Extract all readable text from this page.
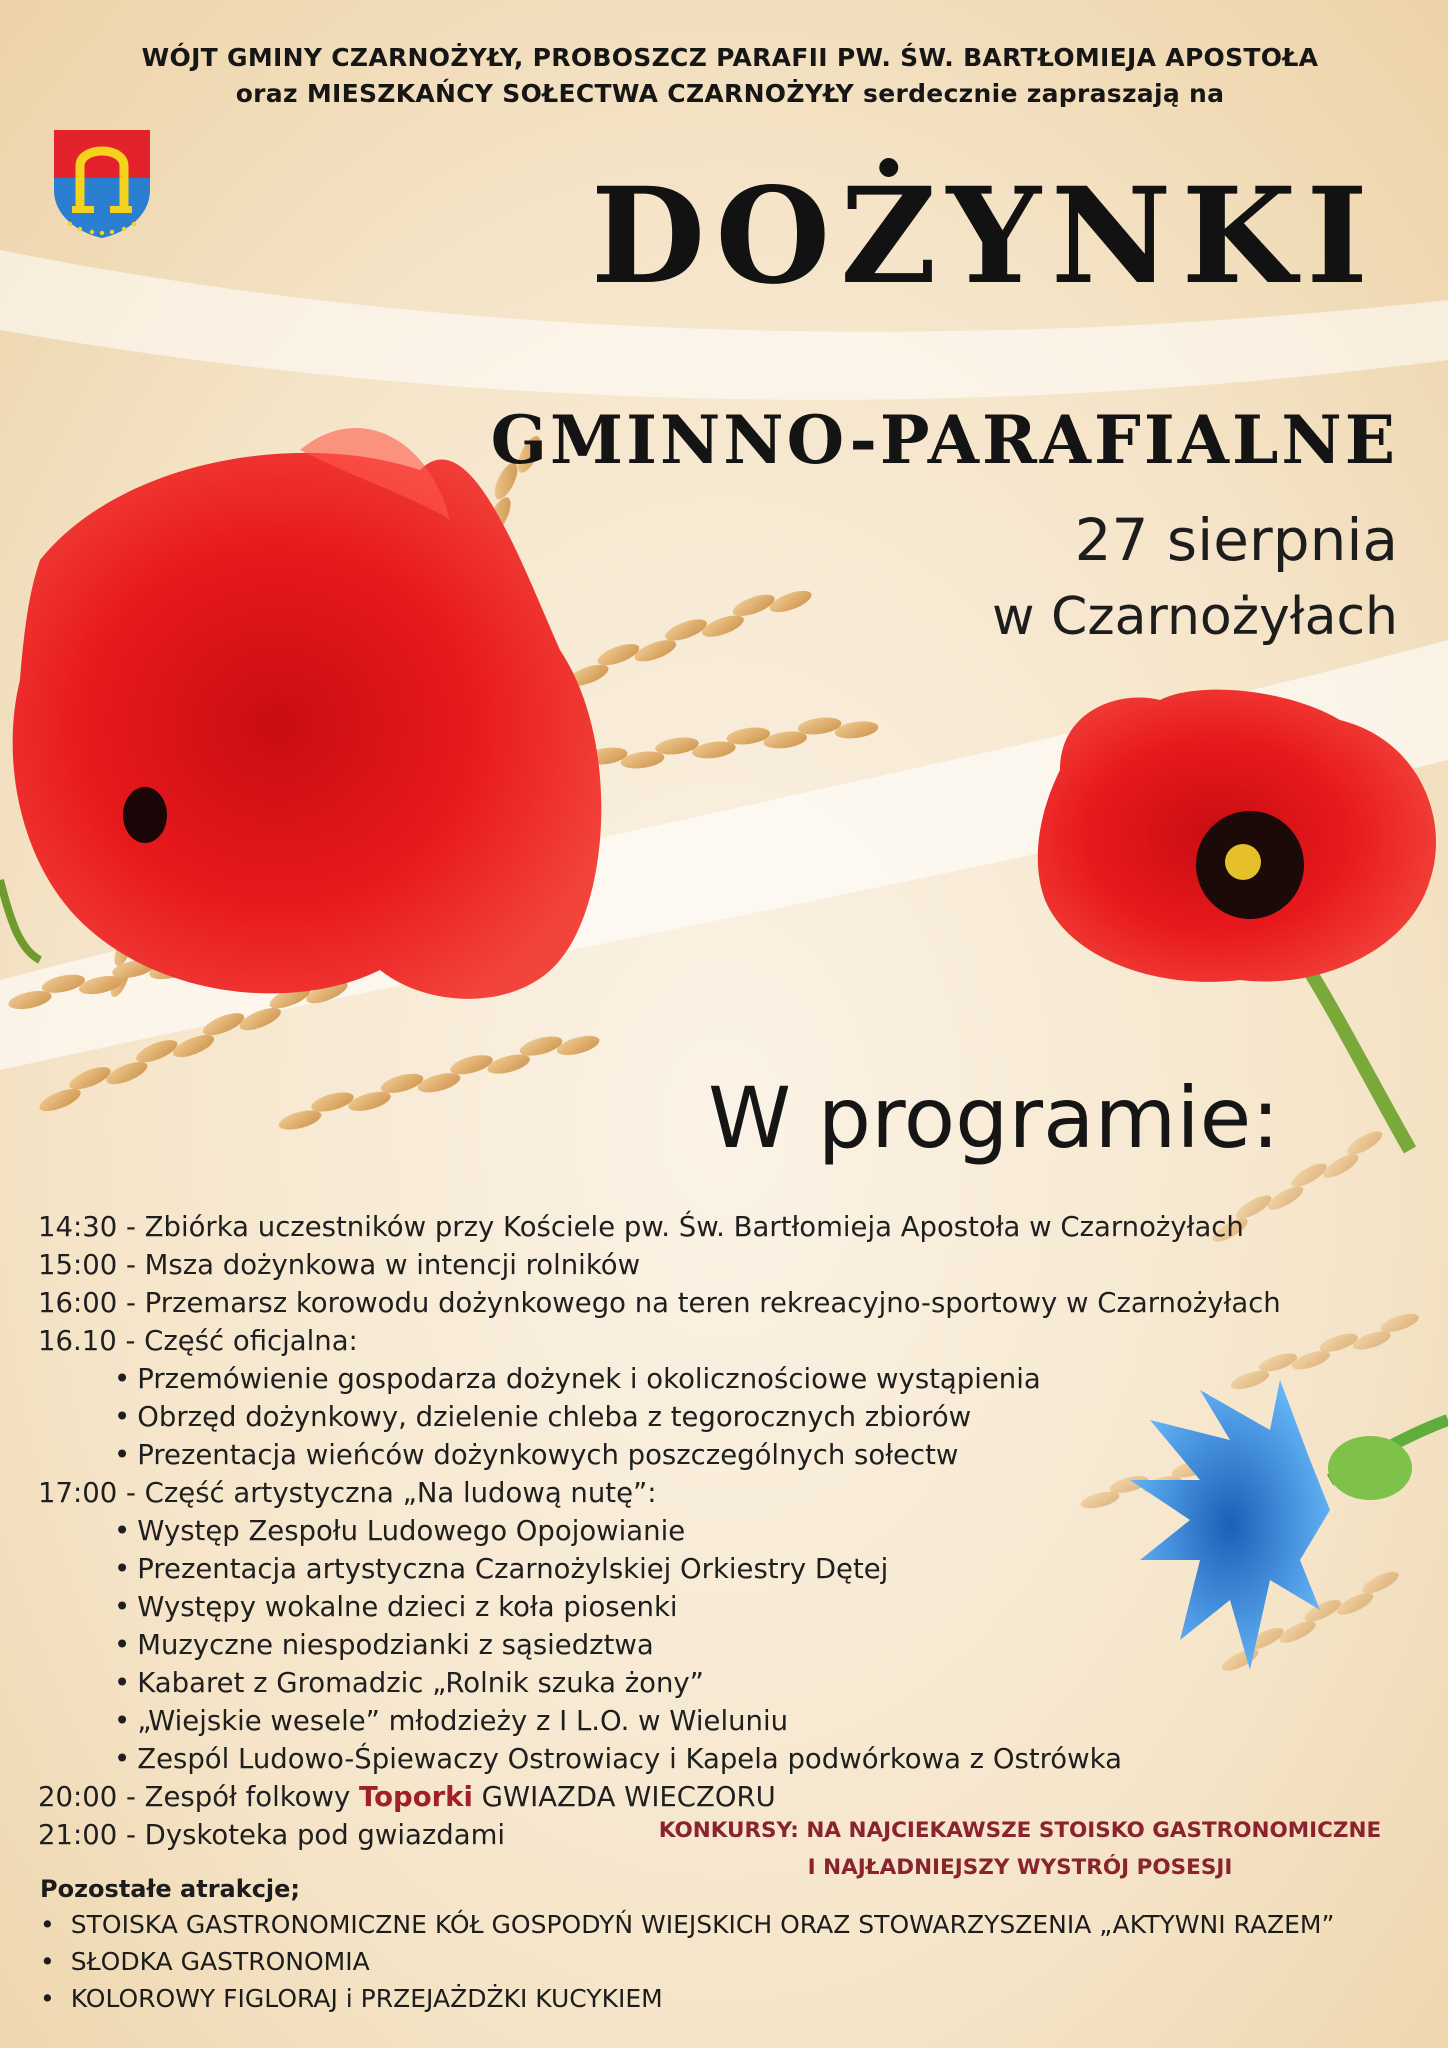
WÓJT GMINY CZARNOŻYŁY, PROBOSZCZ PARAFII PW. ŚW. BARTŁOMIEJA APOSTOŁA
oraz MIESZKAŃCY SOŁECTWA CZARNOŻYŁY serdecznie zapraszają na
DOŻYNKI
GMINNO-PARAFIALNE
27 sierpnia
w Czarnożyłach
W programie:
14:30 - Zbiórka uczestników przy Kościele pw. Św. Bartłomieja Apostoła w Czarnożyłach
15:00 - Msza dożynkowa w intencji rolników
16:00 - Przemarsz korowodu dożynkowego na teren rekreacyjno-sportowy w Czarnożyłach
16.10 - Część oficjalna:
• Przemówienie gospodarza dożynek i okolicznościowe wystąpienia
• Obrzęd dożynkowy, dzielenie chleba z tegorocznych zbiorów
• Prezentacja wieńców dożynkowych poszczególnych sołectw
17:00 - Część artystyczna „Na ludową nutę”:
• Występ Zespołu Ludowego Opojowianie
• Prezentacja artystyczna Czarnożylskiej Orkiestry Dętej
• Występy wokalne dzieci z koła piosenki
• Muzyczne niespodzianki z sąsiedztwa
• Kabaret z Gromadzic „Rolnik szuka żony”
• „Wiejskie wesele” młodzieży z I L.O. w Wieluniu
• Zespól Ludowo-Śpiewaczy Ostrowiacy i Kapela podwórkowa z Ostrówka
20:00 - Zespół folkowy Toporki GWIAZDA WIECZORU
21:00 - Dyskoteka pod gwiazdami	KONKURSY: NA NAJCIEKAWSZE STOISKO GASTRONOMICZNE
I NAJŁADNIEJSZY WYSTRÓJ POSESJI
Pozostałe atrakcje;
• STOISKA GASTRONOMICZNE KÓŁ GOSPODYŃ WIEJSKICH ORAZ STOWARZYSZENIA „AKTYWNI RAZEM”
• SŁODKA GASTRONOMIA
• KOLOROWY FIGLORAJ i PRZEJAŻDŻKI KUCYKIEM
